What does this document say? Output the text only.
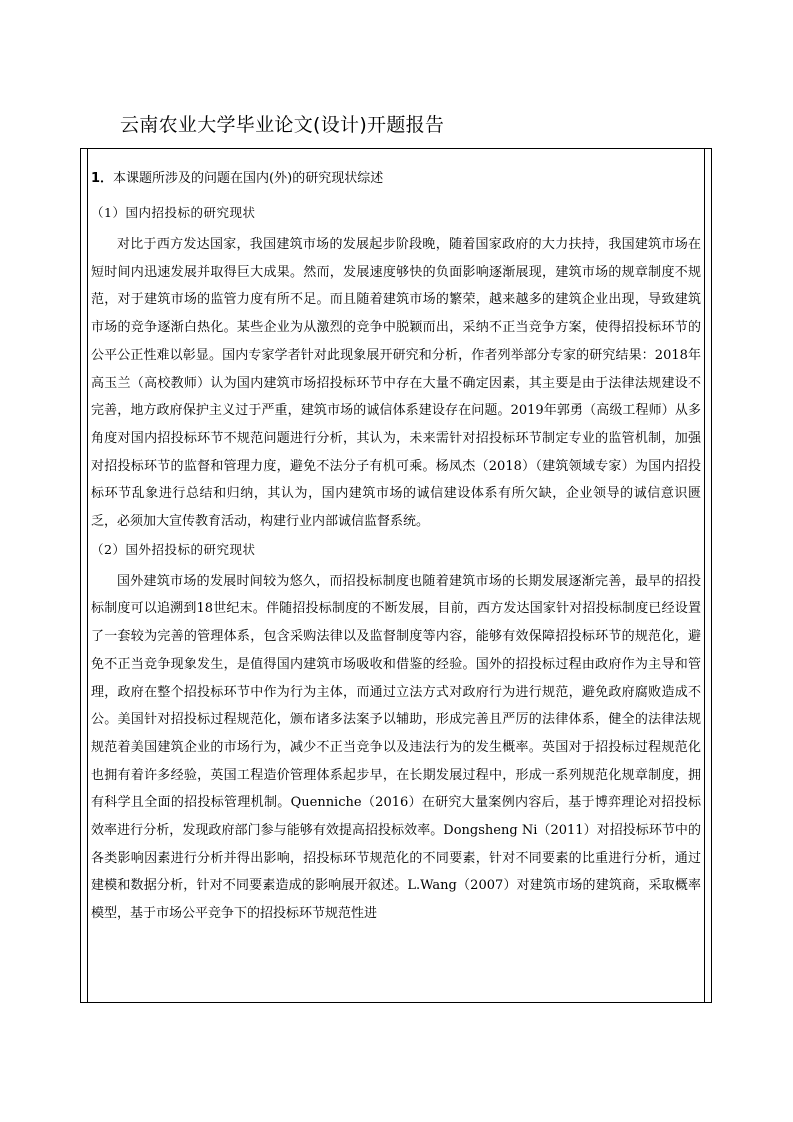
云南农业大学毕业论文(设计)开题报告
1．本课题所涉及的问题在国内(外)的研究现状综述
（1）国内招投标的研究现状

对比于西方发达国家，我国建筑市场的发展起步阶段晚，随着国家政府的大力扶持，我国建筑市场在短时间内迅速发展并取得巨大成果。然而，发展速度够快的负面影响逐渐展现，建筑市场的规章制度不规范，对于建筑市场的监管力度有所不足。而且随着建筑市场的繁荣，越来越多的建筑企业出现，导致建筑市场的竞争逐渐白热化。某些企业为从激烈的竞争中脱颖而出，采纳不正当竞争方案，使得招投标环节的公平公正性难以彰显。国内专家学者针对此现象展开研究和分析，作者列举部分专家的研究结果：2018年高玉兰（高校教师）认为国内建筑市场招投标环节中存在大量不确定因素，其主要是由于法律法规建设不完善，地方政府保护主义过于严重，建筑市场的诚信体系建设存在问题。2019年郭勇（高级工程师）从多角度对国内招投标环节不规范问题进行分析，其认为，未来需针对招投标环节制定专业的监管机制，加强对招投标环节的监督和管理力度，避免不法分子有机可乘。杨凤杰（2018）（建筑领域专家）为国内招投标环节乱象进行总结和归纳，其认为，国内建筑市场的诚信建设体系有所欠缺，企业领导的诚信意识匮乏，必须加大宣传教育活动，构建行业内部诚信监督系统。

（2）国外招投标的研究现状

国外建筑市场的发展时间较为悠久，而招投标制度也随着建筑市场的长期发展逐渐完善，最早的招投标制度可以追溯到18世纪末。伴随招投标制度的不断发展，目前，西方发达国家针对招投标制度已经设置了一套较为完善的管理体系，包含采购法律以及监督制度等内容，能够有效保障招投标环节的规范化，避免不正当竞争现象发生，是值得国内建筑市场吸收和借鉴的经验。国外的招投标过程由政府作为主导和管理，政府在整个招投标环节中作为行为主体，而通过立法方式对政府行为进行规范，避免政府腐败造成不公。美国针对招投标过程规范化，颁布诸多法案予以辅助，形成完善且严厉的法律体系，健全的法律法规规范着美国建筑企业的市场行为，减少不正当竞争以及违法行为的发生概率。英国对于招投标过程规范化也拥有着许多经验，英国工程造价管理体系起步早，在长期发展过程中，形成一系列规范化规章制度，拥有科学且全面的招投标管理机制。Quenniche（2016）在研究大量案例内容后，基于博弈理论对招投标效率进行分析，发现政府部门参与能够有效提高招投标效率。Dongsheng Ni（2011）对招投标环节中的各类影响因素进行分析并得出影响，招投标环节规范化的不同要素，针对不同要素的比重进行分析，通过建模和数据分析，针对不同要素造成的影响展开叙述。L.Wang（2007）对建筑市场的建筑商，采取概率模型，基于市场公平竞争下的招投标环节规范性进
